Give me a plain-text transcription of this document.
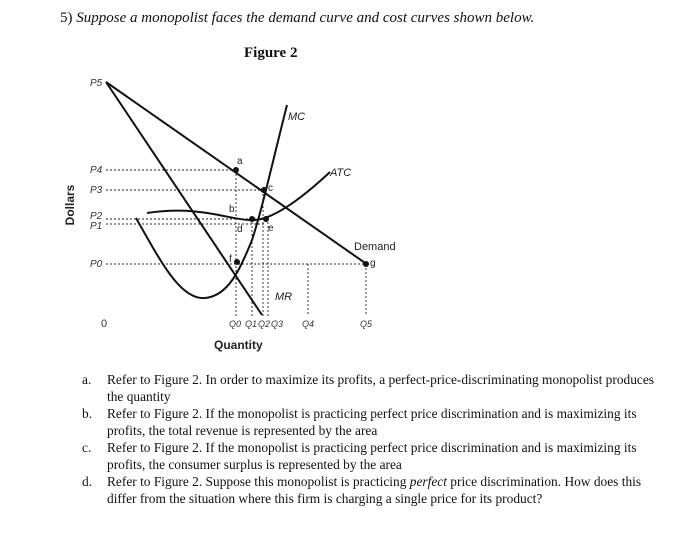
5) Suppose a monopolist faces the demand curve and cost curves shown below.
Figure 2
P5
P4
P3
P2
P1
P0
Dollars
0	Q0 Q1 Q2 Q3 Q4	Q5
Quantity
MC
ATC
Demand
MR
a
b
c
d	e
f	g
a. Refer to Figure 2. In order to maximize its profits, a perfect-price-discriminating monopolist produces the quantity
b. Refer to Figure 2. If the monopolist is practicing perfect price discrimination and is maximizing its profits, the total revenue is represented by the area
c. Refer to Figure 2. If the monopolist is practicing perfect price discrimination and is maximizing its profits, the consumer surplus is represented by the area
d. Refer to Figure 2. Suppose this monopolist is practicing perfect price discrimination. How does this differ from the situation where this firm is charging a single price for its product?
